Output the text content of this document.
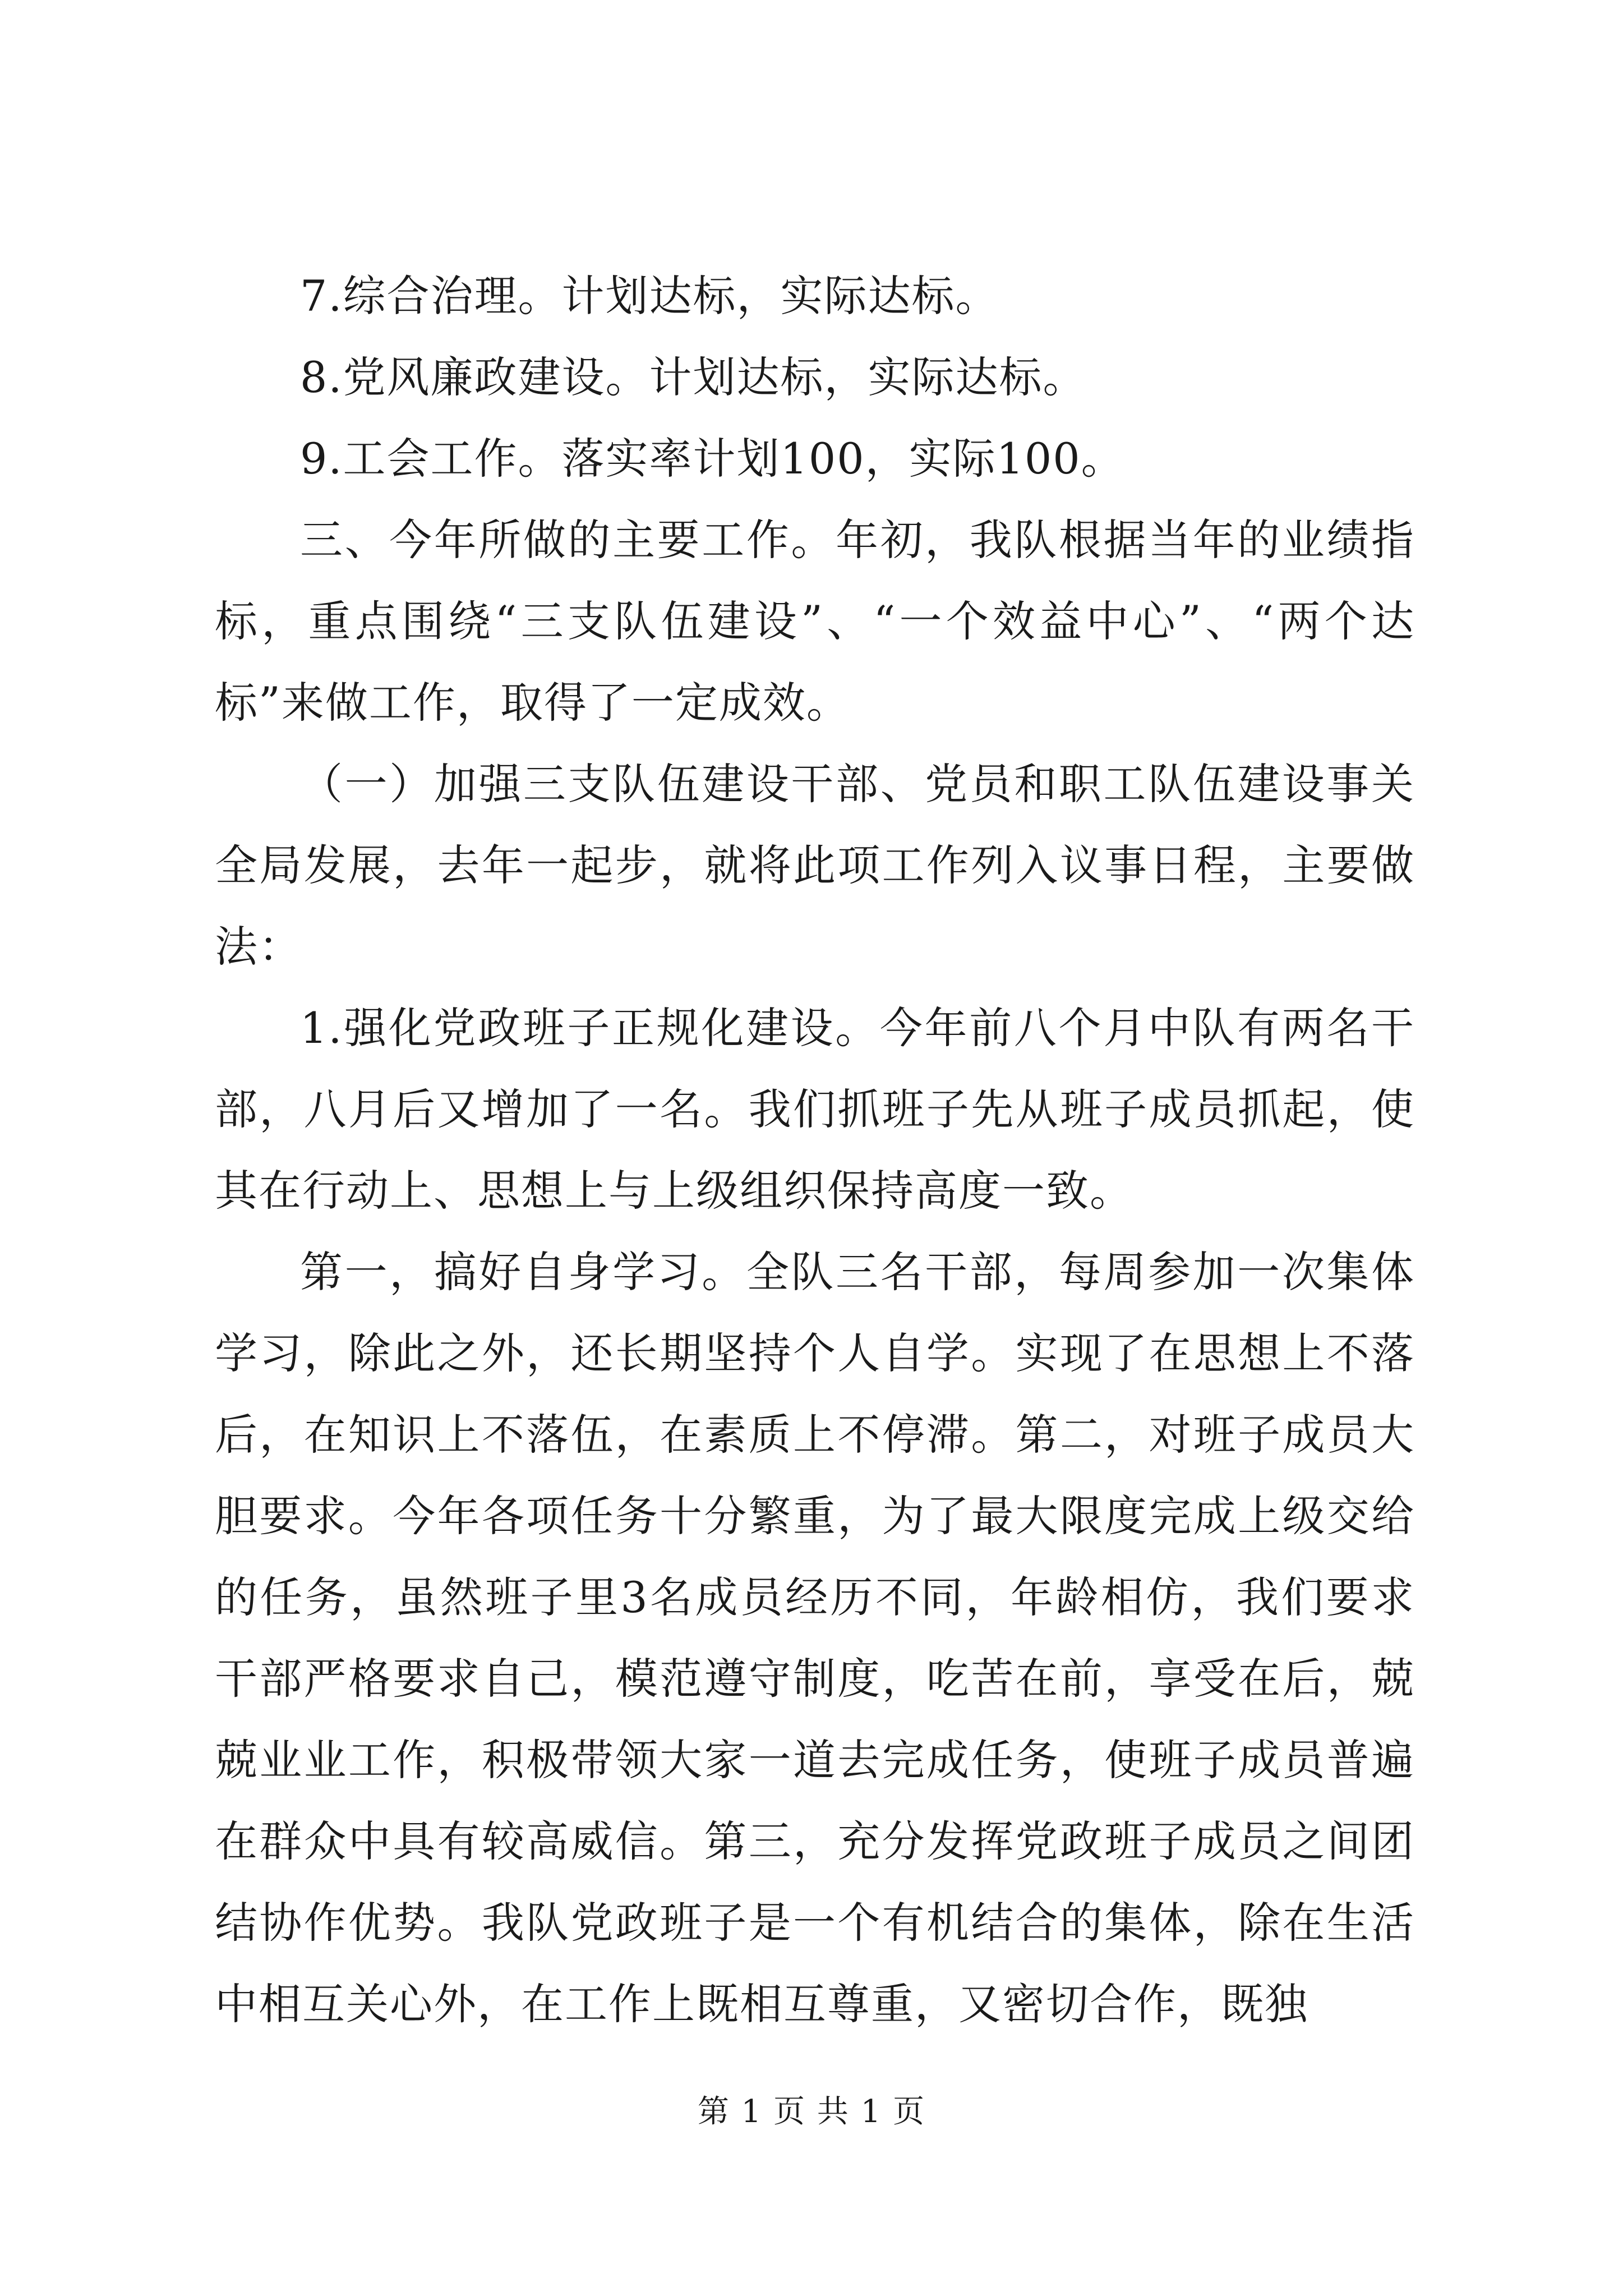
7.综合治理。计划达标，实际达标。

8.党风廉政建设。计划达标，实际达标。

9.工会工作。落实率计划100，实际100。

三、今年所做的主要工作。年初，我队根据当年的业绩指标，重点围绕“三支队伍建设”、“一个效益中心”、“两个达标”来做工作，取得了一定成效。

（一）加强三支队伍建设干部、党员和职工队伍建设事关全局发展，去年一起步，就将此项工作列入议事日程，主要做法：

1.强化党政班子正规化建设。今年前八个月中队有两名干部，八月后又增加了一名。我们抓班子先从班子成员抓起，使其在行动上、思想上与上级组织保持高度一致。

第一，搞好自身学习。全队三名干部，每周参加一次集体学习，除此之外，还长期坚持个人自学。实现了在思想上不落后，在知识上不落伍，在素质上不停滞。第二，对班子成员大胆要求。今年各项任务十分繁重，为了最大限度完成上级交给的任务，虽然班子里3名成员经历不同，年龄相仿，我们要求干部严格要求自己，模范遵守制度，吃苦在前，享受在后，兢兢业业工作，积极带领大家一道去完成任务，使班子成员普遍在群众中具有较高威信。第三，充分发挥党政班子成员之间团结协作优势。我队党政班子是一个有机结合的集体，除在生活中相互关心外，在工作上既相互尊重，又密切合作，既独

第 1 页 共 1 页
